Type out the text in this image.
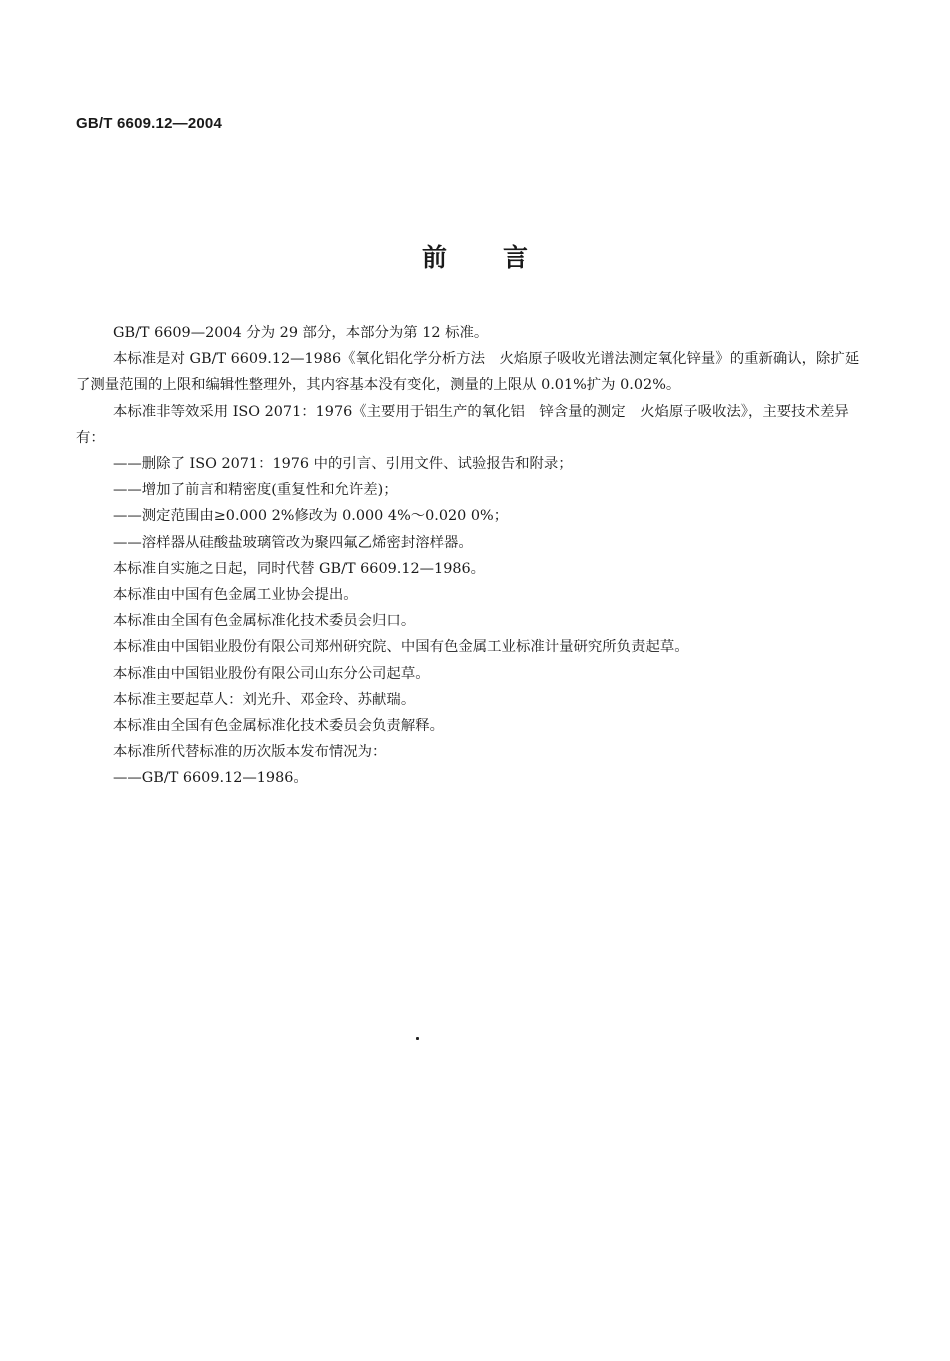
GB/T 6609.12—2004
前言

GB/T 6609—2004 分为 29 部分，本部分为第 12 标准。

本标准是对 GB/T 6609.12—1986《氧化铝化学分析方法　火焰原子吸收光谱法测定氧化锌量》的重新确认，除扩延了测量范围的上限和编辑性整理外，其内容基本没有变化，测量的上限从 0.01%扩为 0.02%。

本标准非等效采用 ISO 2071：1976《主要用于铝生产的氧化铝　锌含量的测定　火焰原子吸收法》，主要技术差异有：

——删除了 ISO 2071：1976 中的引言、引用文件、试验报告和附录；

——增加了前言和精密度(重复性和允许差)；

——测定范围由≥0.000 2%修改为 0.000 4%～0.020 0%；

——溶样器从硅酸盐玻璃管改为聚四氟乙烯密封溶样器。

本标准自实施之日起，同时代替 GB/T 6609.12—1986。

本标准由中国有色金属工业协会提出。

本标准由全国有色金属标准化技术委员会归口。

本标准由中国铝业股份有限公司郑州研究院、中国有色金属工业标准计量研究所负责起草。

本标准由中国铝业股份有限公司山东分公司起草。

本标准主要起草人：刘光升、邓金玲、苏献瑞。

本标准由全国有色金属标准化技术委员会负责解释。

本标准所代替标准的历次版本发布情况为：

——GB/T 6609.12—1986。
